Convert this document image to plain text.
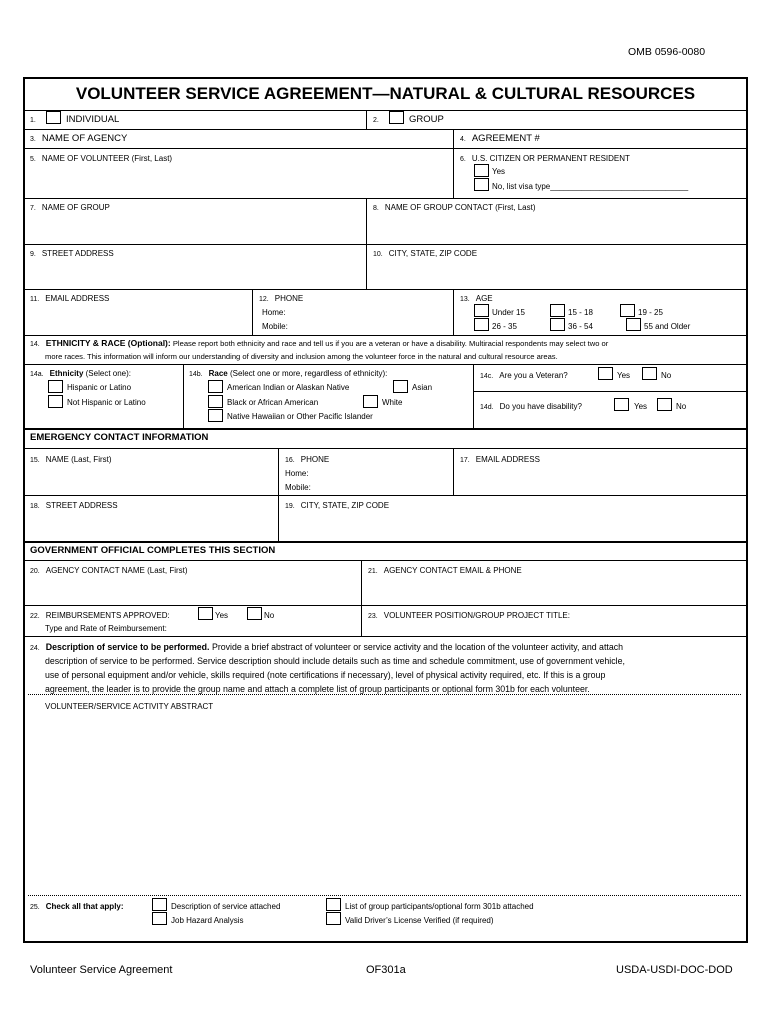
OMB 0596-0080
VOLUNTEER SERVICE AGREEMENT—NATURAL & CULTURAL RESOURCES
1.	INDIVIDUAL	2.	GROUP
3. NAME OF AGENCY	4. AGREEMENT #
5. NAME OF VOLUNTEER (First, Last)	6. U.S. CITIZEN OR PERMANENT RESIDENT
Yes
No, list visa type_______________________________
7. NAME OF GROUP	8. NAME OF GROUP CONTACT (First, Last)
9. STREET ADDRESS	10. CITY, STATE, ZIP CODE
11. EMAIL ADDRESS	12. PHONE
Home:
Mobile:
13. AGE
Under 15	15 - 18	19 - 25
26 - 35	36 - 54	55 and Older
14. ETHNICITY & RACE (Optional): Please report both ethnicity and race and tell us if you are a veteran or have a disability. Multiracial respondents may select two or
more races. This information will inform our understanding of diversity and inclusion among the volunteer force in the natural and cultural resource areas.
14a. Ethnicity (Select one):
Hispanic or Latino
Not Hispanic or Latino
14b. Race (Select one or more, regardless of ethnicity):
American Indian or Alaskan Native	Asian
Black or African American	White
Native Hawaiian or Other Pacific Islander
14c. Are you a Veteran?	Yes	No
14d. Do you have disability?	Yes	No
EMERGENCY CONTACT INFORMATION
15. NAME (Last, First)	16. PHONE
Home:
Mobile:
17. EMAIL ADDRESS
18. STREET ADDRESS	19. CITY, STATE, ZIP CODE
GOVERNMENT OFFICIAL COMPLETES THIS SECTION
20. AGENCY CONTACT NAME (Last, First)	21. AGENCY CONTACT EMAIL & PHONE
22. REIMBURSEMENTS APPROVED:	Yes	No
Type and Rate of Reimbursement:
23. VOLUNTEER POSITION/GROUP PROJECT TITLE:
24. Description of service to be performed. Provide a brief abstract of volunteer or service activity and the location of the volunteer activity, and attach
description of service to be performed. Service description should include details such as time and schedule commitment, use of government vehicle,
use of personal equipment and/or vehicle, skills required (note certifications if necessary), level of physical activity required, etc. If this is a group
agreement, the leader is to provide the group name and attach a complete list of group participants or optional form 301b for each volunteer.
VOLUNTEER/SERVICE ACTIVITY ABSTRACT
25. Check all that apply:	Description of service attached
Job Hazard Analysis
List of group participants/optional form 301b attached
Valid Driver’s License Verified (if required)
Volunteer Service Agreement	OF301a	USDA-USDI-DOC-DOD
